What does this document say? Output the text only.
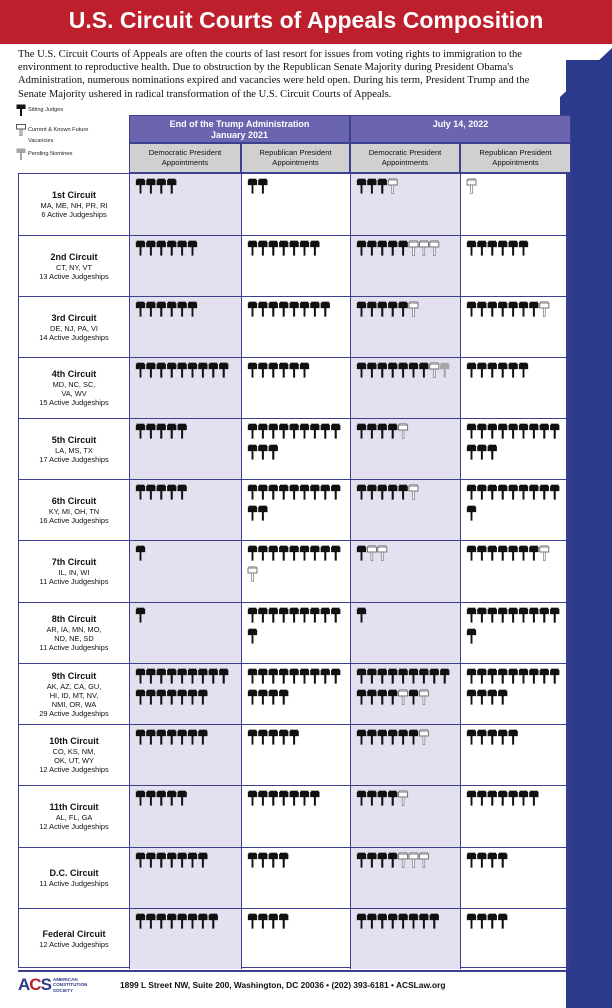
U.S. Circuit Courts of Appeals Composition

The U.S. Circuit Courts of Appeals are often the courts of last resort for issues from voting rights to immigration to the environment to reproductive health. Due to obstruction by the Republican Senate Majority during President Obama's Administration, numerous nominations expired and vacancies were held open. During his term, President Trump and the Senate Majority ushered in radical transformation of the U.S. Circuit Courts of Appeals.

Sitting Judges
Current & Known Future
Vacancies
Pending Nominee
End of the Trump Administration
January 2021
July 14, 2022
Democratic President Appointments
Republican President Appointments
Democratic President Appointments
Republican President Appointments
1st Circuit
MA, ME, NH, PR, RI
6 Active Judgeships
2nd Circuit
CT, NY, VT
13 Active Judgeships
3rd Circuit
DE, NJ, PA, VI
14 Active Judgeships
4th Circuit
MD, NC, SC,
VA, WV
15 Active Judgeships
5th Circuit
LA, MS, TX
17 Active Judgeships
6th Circuit
KY, MI, OH, TN
16 Active Judgeships
7th Circuit
IL, IN, WI
11 Active Judgeships
8th Circuit
AR, IA, MN, MO,
ND, NE, SD
11 Active Judgeships
9th Circuit
AK, AZ, CA, GU,
HI, ID, MT, NV,
NMI, OR, WA
29 Active Judgeships
10th Circuit
CO, KS, NM,
OK, UT, WY
12 Active Judgeships
11th Circuit
AL, FL, GA
12 Active Judgeships
D.C. Circuit
11 Active Judgeships
Federal Circuit
12 Active Judgeships
ACS AMERICAN
CONSTITUTION
SOCIETY
1899 L Street NW, Suite 200, Washington, DC 20036 • (202) 393-6181 • ACSLaw.org
